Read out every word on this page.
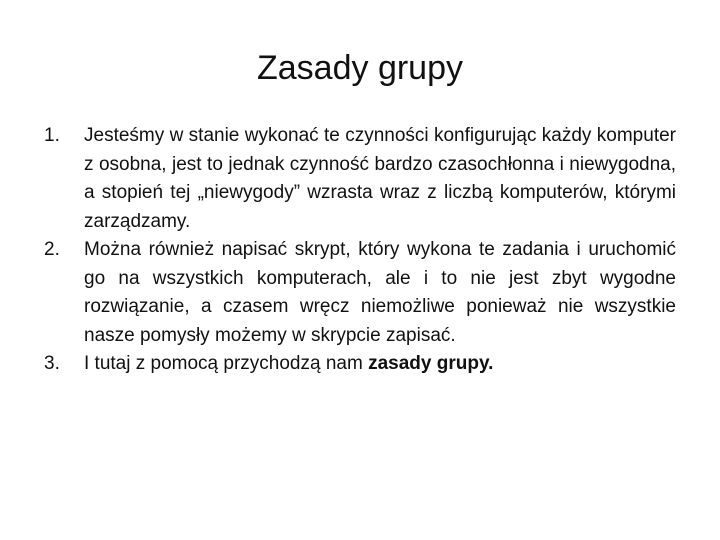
Zasady grupy
1. Jesteśmy w stanie wykonać te czynności konfigurując każdy komputer z osobna, jest to jednak czynność bardzo czasochłonna i niewygodna, a stopień tej „niewygody” wzrasta wraz z liczbą komputerów, którymi zarządzamy.
2. Można również napisać skrypt, który wykona te zadania i uruchomić go na wszystkich komputerach, ale i to nie jest zbyt wygodne rozwiązanie, a czasem wręcz niemożliwe ponieważ nie wszystkie nasze pomysły możemy w skrypcie zapisać.
3. I tutaj z pomocą przychodzą nam zasady grupy.
